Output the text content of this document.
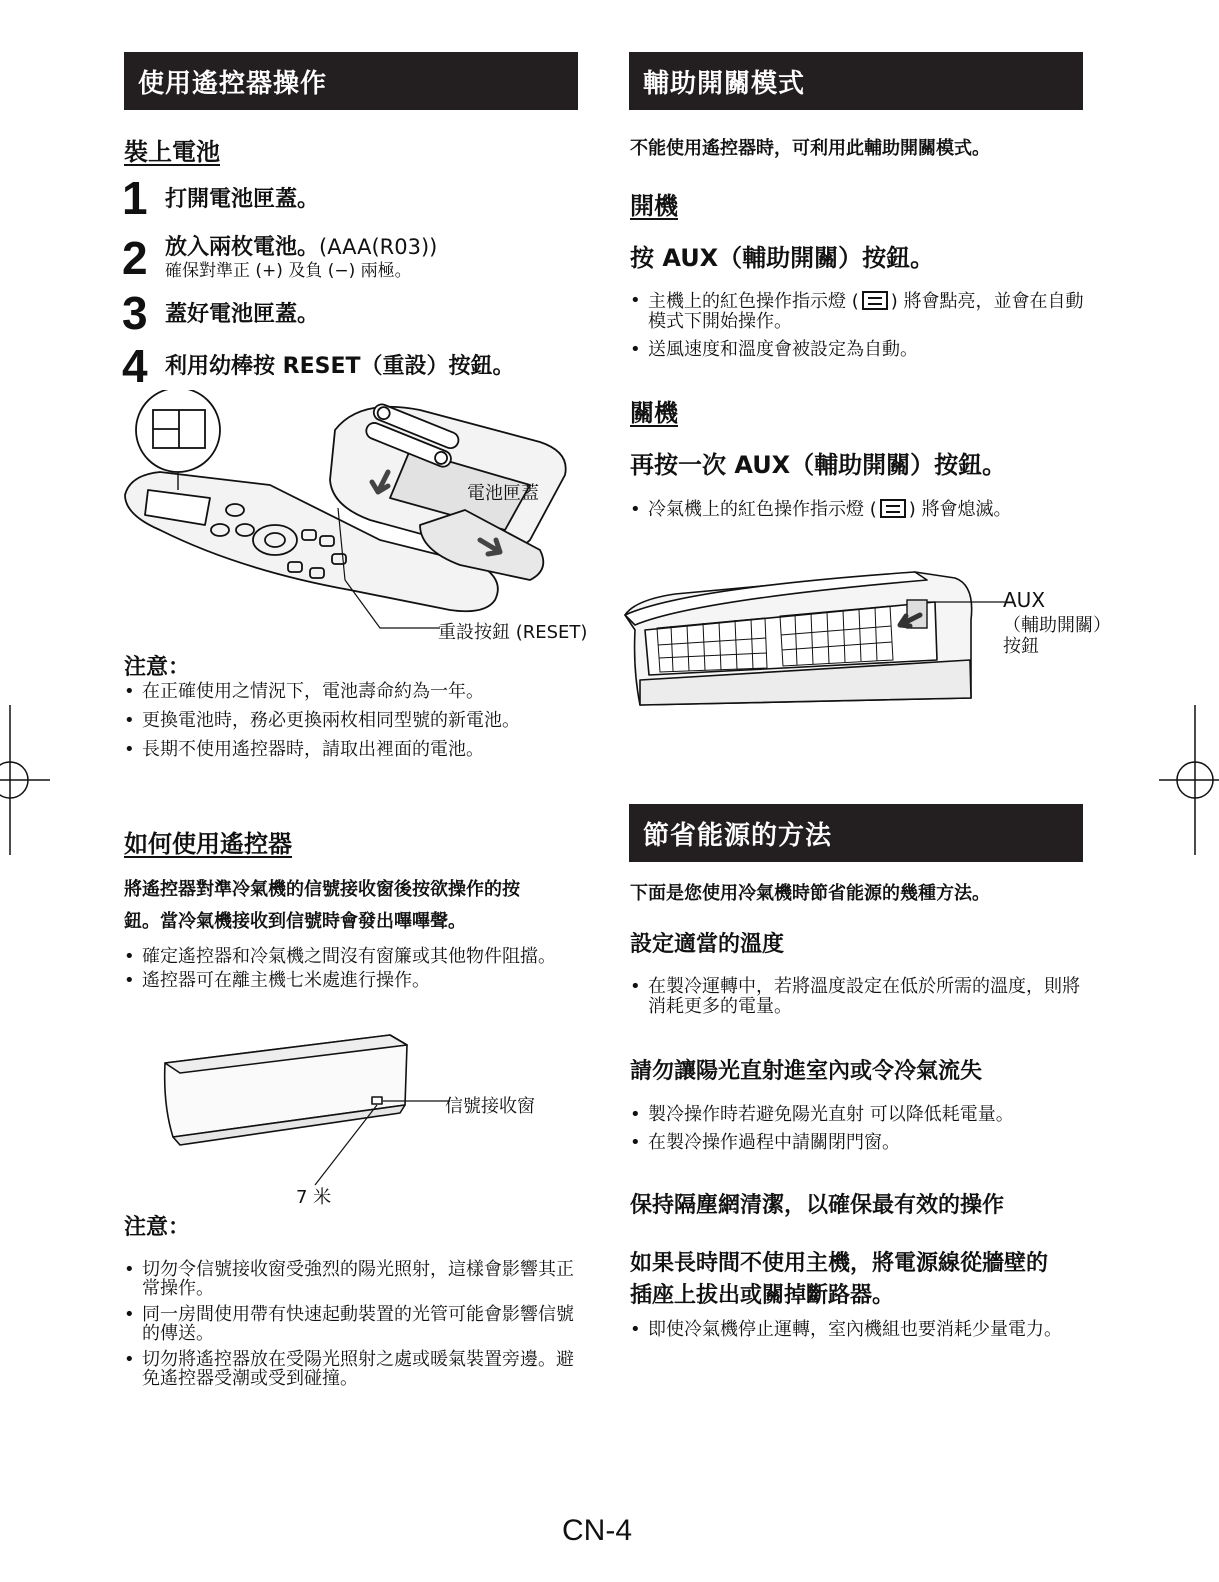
使用遙控器操作
裝上電池
1 打開電池匣蓋。
2 放入兩枚電池。(AAA(R03))
確保對準正 (+) 及負 (−) 兩極。
3 蓋好電池匣蓋。
4 利用幼棒按 RESET（重設）按鈕。
電池匣蓋
重設按鈕 (RESET)
注意：
• 在正確使用之情況下，電池壽命約為一年。
• 更換電池時，務必更換兩枚相同型號的新電池。
• 長期不使用遙控器時，請取出裡面的電池。
如何使用遙控器
將遙控器對準冷氣機的信號接收窗後按欲操作的按
鈕。當冷氣機接收到信號時會發出嗶嗶聲。
• 確定遙控器和冷氣機之間沒有窗簾或其他物件阻擋。
• 遙控器可在離主機七米處進行操作。
信號接收窗
7 米
注意：
• 切勿令信號接收窗受強烈的陽光照射，這樣會影響其正常操作。
• 同一房間使用帶有快速起動裝置的光管可能會影響信號的傳送。
• 切勿將遙控器放在受陽光照射之處或暖氣裝置旁邊。避免遙控器受潮或受到碰撞。
輔助開關模式
不能使用遙控器時，可利用此輔助開關模式。
開機
按 AUX（輔助開關）按鈕。
• 主機上的紅色操作指示燈 ( ) 將會點亮，並會在自動模式下開始操作。
• 送風速度和溫度會被設定為自動。
關機
再按一次 AUX（輔助開關）按鈕。
• 冷氣機上的紅色操作指示燈 ( ) 將會熄滅。
AUX
（輔助開關）
按鈕
節省能源的方法
下面是您使用冷氣機時節省能源的幾種方法。
設定適當的溫度
• 在製冷運轉中，若將溫度設定在低於所需的溫度，則將消耗更多的電量。
請勿讓陽光直射進室內或令冷氣流失
• 製冷操作時若避免陽光直射 可以降低耗電量。
• 在製冷操作過程中請關閉門窗。
保持隔塵網清潔，以確保最有效的操作
如果長時間不使用主機，將電源線從牆壁的
插座上拔出或關掉斷路器。
• 即使冷氣機停止運轉，室內機組也要消耗少量電力。
CN-4
